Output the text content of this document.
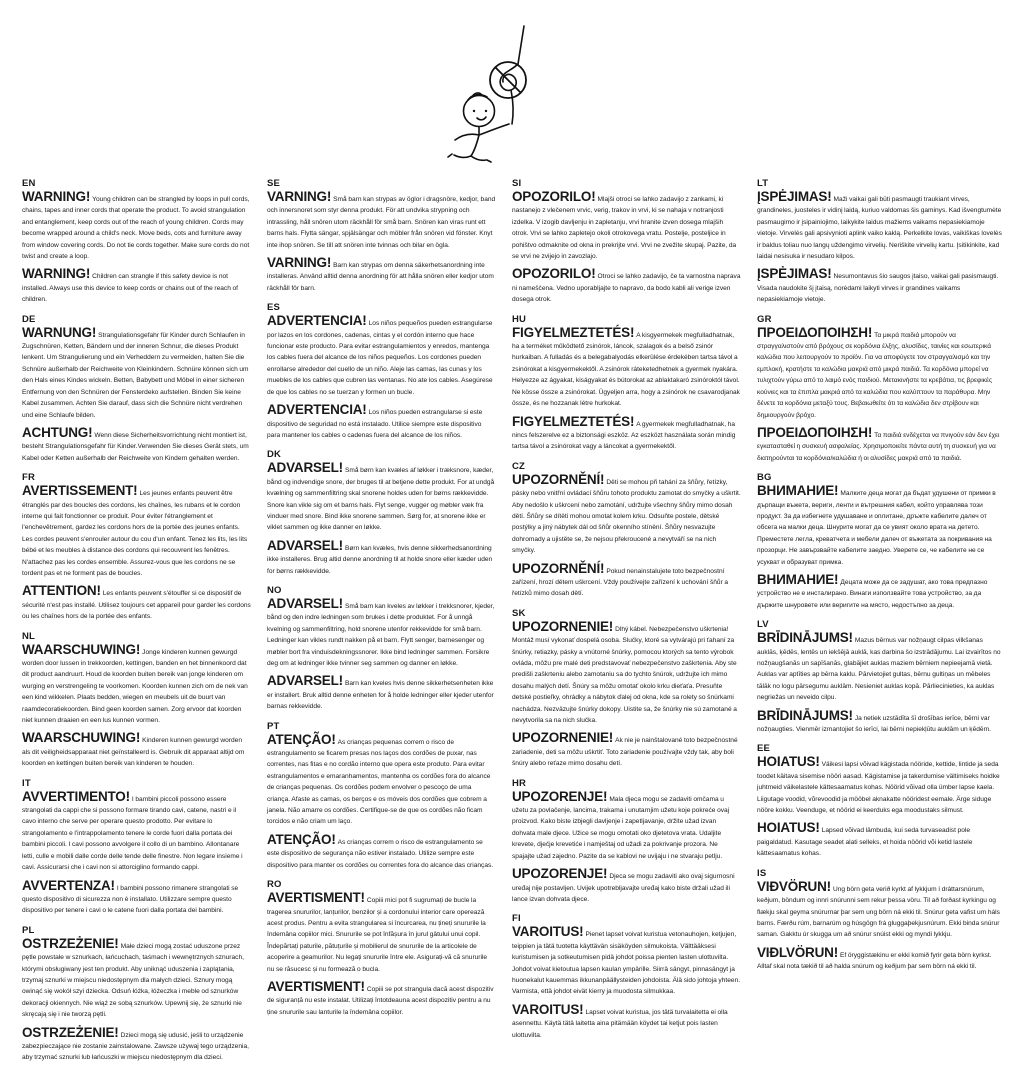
EN
WARNING! Young children can be strangled by loops in pull cords, chains, tapes and inner cords that operate the product. To avoid strangulation and entanglement, keep cords out of the reach of young children. Cords may become wrapped around a child's neck. Move beds, cots and furniture away from window covering cords. Do not tie cords together. Make sure cords do not twist and create a loop.
WARNING! Children can strangle if this safety device is not installed. Always use this device to keep cords or chains out of the reach of children.
DE
WARNUNG! Strangulationsgefahr für Kinder durch Schlaufen in Zugschnüren, Ketten, Bändern und der inneren Schnur, die dieses Produkt lenkent. Um Strangulierung und ein Verheddern zu vermeiden, halten Sie die Schnüre außerhalb der Reichweite von Kleinkindern. Schnüre können sich um den Hals eines Kindes wickeln. Betten, Babybett und Möbel in einer sicheren Entfernung von den Schnüren der Fensterdeko aufstellen. Binden Sie keine Kabel zusammen. Achten Sie darauf, dass sich die Schnüre nicht verdrehen und eine Schlaufe bilden.
ACHTUNG! Wenn diese Sicherheitsvorrichtung nicht montiert ist, besteht Strangulationsgefahr für Kinder.Verwenden Sie dieses Gerät stets, um Kabel oder Ketten außerhalb der Reichweite von Kindern gehalten werden.
FR
AVERTISSEMENT! Les jeunes enfants peuvent être étranglés par des boucles des cordons, les chaînes, les rubans et le cordon interne qui fait fonctionner ce produit. Pour éviter l'étranglement et l'enchevêtrement, gardez les cordons hors de la portée des jeunes enfants. Les cordes peuvent s'enrouler autour du cou d'un enfant. Tenez les lits, les lits bébé et les meubles à distance des cordons qui recouvrent les fenêtres. N'attachez pas les cordes ensemble. Assurez-vous que les cordons ne se tordent pas et ne forment pas de boucles.
ATTENTION! Les enfants peuvent s'étouffer si ce dispositif de sécurité n'est pas installé. Utilisez toujours cet appareil pour garder les cordons ou les chaînes hors de la portée des enfants.
NL
WAARSCHUWING! Jonge kinderen kunnen gewurgd worden door lussen in trekkoorden, kettingen, banden en het binnenkoord dat dit product aandruurt. Houd de koorden buiten bereik van jonge kinderen om wurging en verstrengeling te voorkomen. Koorden kunnen zich om de nek van een kind wikkelen. Plaats bedden, wiegen en meubels uit de buurt van raamdecoratiekoorden. Bind geen koorden samen. Zorg ervoor dat koorden niet kunnen draaien en een lus kunnen vormen.
WAARSCHUWING! Kinderen kunnen gewurgd worden als dit veiligheidsapparaat niet geïnstalleerd is. Gebruik dit apparaat altijd om koorden en kettingen buiten bereik van kinderen te houden.
IT
AVVERTIMENTO! I bambini piccoli possono essere strangolati da cappi che si possono formare tirando cavi, catene, nastri e il cavo interno che serve per operare questo prodotto. Per evitare lo strangolamento e l'intrappolamento tenere le corde fuori dalla portata dei bambini piccoli. I cavi possono avvolgere il collo di un bambino. Allontanare letti, culle e mobili dalle corde delle tende delle finestre. Non legare insieme i cavi. Assicurarsi che i cavi non si attorciglino formando cappi.
AVVERTENZA! I bambini possono rimanere strangolati se questo dispositivo di sicurezza non è installato. Utilizzare sempre questo dispositivo per tenere i cavi o le catene fuori dalla portata dei bambini.
PL
OSTRZEŻENIE! Małe dzieci mogą zostać uduszone przez pętle powstałe w sznurkach, łańcuchach, taśmach i wewnętrznych sznurach, którymi obsługiwany jest ten produkt. Aby uniknąć uduszenia i zaplątania, trzymaj sznurki w miejscu niedostępnym dla małych dzieci. Sznury mogą owinąć się wokół szyi dziecka. Odsuń łóżka, łóżeczka i meble od sznurków dekoracji okiennych. Nie wiąż ze sobą sznurków. Upewnij się, że sznurki nie skręcają się i nie tworzą pętli.
OSTRZEŻENIE! Dzieci mogą się udusić, jeśli to urządzenie zabezpieczające nie zostanie zainstalowane. Zawsze używaj tego urządzenia, aby trzymać sznurki lub łańcuszki w miejscu niedostępnym dla dzieci.
SE
VARNING! Små barn kan strypas av öglor i dragsnöre, kedjor, band och innersnoret som styr denna produkt. För att undvika strypning och intrassling, håll snören utom räckhåll för små barn. Snören kan viras runt ett barns hals. Flytta sängar, spjälsängar och möbler från snören vid fönster. Knyt inte ihop snören. Se till att snören inte tvinnas och bilar en ögla.
VARNING! Barn kan strypas om denna säkerhetsanordning inte installeras. Använd alltid denna anordning för att hålla snören eller kedjor utom räckhåll för barn.
ES
ADVERTENCIA! Los niños pequeños pueden estrangularse por lazos en los cordones, cadenas, cintas y el cordón interno que hace funcionar este producto. Para evitar estrangulamientos y enredos, mantenga los cables fuera del alcance de los niños pequeños. Los cordones pueden enrollarse alrededor del cuello de un niño. Aleje las camas, las cunas y los muebles de los cables que cubren las ventanas. No ate los cables. Asegúrese de que los cables no se tuerzan y formen un bucle.
ADVERTENCIA! Los niños pueden estrangularse si este dispositivo de seguridad no está instalado. Utilice siempre este dispositivo para mantener los cables o cadenas fuera del alcance de los niños.
DK
ADVARSEL! Små børn kan kvæles af løkker i træksnore, kæder, bånd og indvendige snore, der bruges til at betjene dette produkt. For at undgå kvælning og sammenfiltring skal snorene holdes uden for børns rækkevidde. Snore kan vikle sig om et barns hals. Flyt senge, vugger og møbler væk fra vinduer med snore. Bind ikke snorene sammen. Sørg for, at snorene ikke er viklet sammen og ikke danner en løkke.
ADVARSEL! Børn kan kvæles, hvis denne sikkerhedsanordning ikke installeres. Brug altid denne anordning til at holde snore eller kæder uden for børns rækkevidde.
NO
ADVARSEL! Små barn kan kveles av løkker i trekksnorer, kjeder, bånd og den indre ledningen som brukes i dette produktet. For å unngå kvelning og sammenfiltring, hold snorene utenfor rekkevidde for små barn. Ledninger kan vikles rundt nakken på et barn. Flytt senger, barnesenger og møbler bort fra vinduisdekningssnorer. Ikke bind ledninger sammen. Forsikre deg om at ledninger ikke tvinner seg sammen og danner en løkke.
ADVARSEL! Barn kan kveles hvis denne sikkerhetsenheten ikke er installert. Bruk alltid denne enheten for å holde ledninger eller kjeder utenfor barnas rekkevidde.
PT
ATENÇÃO! As crianças pequenas correm o risco de estrangulamento se ficarem presas nos laços dos cordões de puxar, nas correntes, nas fitas e no cordão interno que opera este produto. Para evitar estrangulamentos e emaranhamentos, mantenha os cordões fora do alcance de crianças pequenas. Os cordões podem envolver o pescoço de uma criança. Afaste as camas, os berços e os móveis dos cordões que cobrem a janela. Não amarre os cordões. Certifique-se de que os cordões não ficam torcidos e não criam um laço.
ATENÇÃO! As crianças correm o risco de estrangulamento se este dispositivo de segurança não estiver instalado. Utilize sempre este dispositivo para manter os cordões ou correntes fora do alcance das crianças.
RO
AVERTISMENT! Copiii mici pot fi sugrumați de bucle la tragerea snururilor, lanțurilor, benzilor și a cordonului interior care operează acest produs. Pentru a evita strangularea si încurcarea, nu țineți snururile la îndemâna copiilor mici. Snururile se pot înfășura în jurul gâtului unui copil. Îndepărtați paturile, pătuțurile și mobilierul de snururile de la articolele de acoperire a geamurilor. Nu legați snururile între ele. Asigurați-vă că snururile nu se răsucesc și nu formează o bucla.
AVERTISMENT! Copiii se pot strangula dacă acest dispozitiv de siguranță nu este instalat. Utilizați întotdeauna acest dispozitiv pentru a nu ține snururile sau lanturile la îndemâna copiilor.
SI
OPOZORILO! Mlajši otroci se lahko zadavijo z zankami, ki nastanejo z vlečenem vrvic, verig, trakov in vrvi, ki se nahaja v notranjosti izdelka. V izogib davljenju in zapletanju, vrvi hranite izven dosega mlajših otrok. Vrvi se lahko zapletejo okoli otrokovega vratu. Postelje, posteljice in pohištvo odmaknite od okna in prekrijte vrvi. Vrvi ne zvežite skupaj. Pazite, da se vrvi ne zvijejo in zavozlajo.
OPOZORILO! Otroci se lahko zadavijo, če ta varnostna naprava ni nameščena. Vedno uporabljajte to napravo, da bodo kabli ali verige izven dosega otrok.
HU
FIGYELMEZTETÉS! A kisgyermekek megfulladhatnak, ha a terméket működtető zsinórok, láncok, szalagok és a belső zsinór hurkaiban. A fulladás és a belegabalyodás elkerülése érdekében tartsa távol a zsinórokat a kisgyermekektől. A zsinórok ráteketedhetnek a gyermek nyakára. Helyezze az ágyakat, kiságyakat és bútorokat az ablaktakaró zsinóroktól távol. Ne kösse össze a zsinórokat. Ügyeljen arra, hogy a zsinórok ne csavarodjanak össze, és ne hozzanak létre hurkokat.
FIGYELMEZTETÉS! A gyermekek megfulladhatnak, ha nincs felszerelve ez a biztonsági eszköz. Az eszközt használata során mindig tartsa távol a zsinórokat vagy a láncokat a gyermekektől.
CZ
UPOZORNĚNÍ! Děti se mohou při tahání za šňůry, řetízky, pásky nebo vnitřní ovládací šňůru tohoto produktu zamotat do smyčky a uškrtit. Aby nedošlo k uškrcení nebo zamotání, udržujte všechny šňůry mimo dosah dětí. Šňůry se dítěti mohou omotat kolem krku. Odsuňte postele, dětské postýlky a jiný nábytek dál od šňůr okenního stínění. Šňůry nesvazujte dohromady a ujistěte se, že nejsou překroucené a nevytváří se na nich smyčky.
UPOZORNĚNÍ! Pokud nenainstalujete toto bezpečnostní zařízení, hrozí dětem uškrcení. Vždy používejte zařízení k uchování šňůr a řetízků mimo dosah dětí.
SK
UPOZORNENIE! Dlhý kábel. Nebezpečenstvo uškrtenia! Montáž musí vykonať dospelá osoba. Slučky, ktoré sa vytvárajú pri ťahaní za šnúrky, retiazky, pásky a vnútorné šnúrky, pomocou ktorých sa tento výrobok ovláda, môžu pre malé deti predstavovať nebezpečenstvo zaškrtenia. Aby ste predišli zaškrteniu alebo zamotaniu sa do tychto šnúrok, udržujte ich mimo dosahu malých detí. Šnúry sa môžu omotať okolo krku dieťaťa. Presuňte detské postieľky, ohrádky a nábytok ďalej od okna, kde sa rolety so šnúrkami nachádza. Nezväzujte šnúrky dokopy. Uistite sa, že šnúrky nie sú zamotané a nevytvorila sa na nich slučka.
UPOZORNENIE! Ak nie je nainštalované toto bezpečnostné zariadenie, deti sa môžu uškrtiť. Toto zariadenie používajte vždy tak, aby boli šnúry alebo reťaze mimo dosahu detí.
HR
UPOZORENJE! Mala djeca mogu se zadaviti omčama u užetu za povlačenje, lancima, trakama i unutarnjim užetu koje pokreće ovaj proizvod. Kako biste izbjegli davljenje i zapetljavanje, držite užad izvan dohvata male djece. Užice se mogu omotati oko djetetova vrata. Udaljite krevete, dječje krevetiće i namještaj od užadi za pokrivanje prozora. Ne spajajte užad zajedno. Pazite da se kablovi ne uvijaju i ne stvaraju petlju.
UPOZORENJE! Djeca se mogu zadaviti ako ovaj sigurnosni uređaj nije postavljen. Uvijek upotrebljavajte uređaj kako biste držali užad ili lance izvan dohvata djece.
FI
VAROITUS! Pienet lapset voivat kuristua vetonauhojen, ketjujen, teippien ja tätä tuotetta käyttävän sisäköyden silmukoista. Välttääksesi kuristumisen ja sotkeutumisen pidä johdot poissa pienten lasten ulottuvilta. Johdot voivat kietoutua lapsen kaulan ympärille. Siirrä sängyt, pinnasängyt ja huonekalut kauemmas ikkunanpäällysteiden johdoista. Älä sido johtoja yhteen. Varmista, että johdot eivät kierry ja muodosta silmukkaa.
VAROITUS! Lapset voivat kuristua, jos tätä turvalaitetta ei olla asennettu. Käytä tätä laitetta aina pitämään köydet tai ketjut pois lasten ulottuvilta.
LT
ĮSPĖJIMAS! Maži vaikai gali būti pasmaugti traukiant virves, grandineles, juosteles ir vidinį laidą, kuriuo valdomas šis gaminys. Kad išvengtumėte pasmaugimo ir įsipainiojimo, laikykite laidus mažiems vaikams nepasiekiamoje vietoje. Virvelės gali apsivynioti aplink vaiko kaklą. Perkelkite lovas, vaikiškas lovelės ir baldus toliau nuo langų uždengimo virvelių. Neriškite virvelių kartu. Įsitikinkite, kad laidai nesisuka ir nesudaro kilpos.
ĮSPĖJIMAS! Nesumontavus šio saugos įtaiso, vaikai gali pasismaugti. Visada naudokite šį įtaisą, norėdami laikyti virves ir grandines vaikams nepasiekiamoje vietoje.
GR
ΠΡΟΕΙΔΟΠΟΙΗΣΗ! Τα μικρά παιδιά μπορούν να στραγγαλιστούν από βρόχους σε κορδόνια έλξης, αλυσίδες, ταινίες και εσωτερικά καλώδια που λειτουργούν το προϊόν. Για να αποφύγετε τον στραγγαλισμό και την εμπλοκή, κρατήστε τα καλώδια μακριά από μικρά παιδιά. Τα κορδόνια μπορεί να τυλιχτούν γύρω από το λαιμό ενός παιδιού. Μετακινήστε τα κρεβάτια, τις βρεφικές κούνιες και τα έπιπλα μακριά από τα καλώδια που καλύπτουν τα παράθυρα. Μην δένετε τα κορδόνια μεταξύ τους. Βεβαιωθείτε ότι τα καλώδια δεν στρίβουν και δημιουργούν βρόχο.
ΠΡΟΕΙΔΟΠΟΙΗΣΗ! Τα παιδιά ενδέχεται να πνιγούν εάν δεν έχει εγκατασταθεί η συσκευή ασφαλείας. Χρησιμοποιείτε πάντα αυτή τη συσκευή για να διατηρούνται τα κορδόνια/καλώδια ή οι αλυσίδες μακριά από τα παιδιά.
BG
ВНИМАНИЕ! Малките деца могат да бъдат удушени от примки в дърпащи въжета, вериги, ленти и вътрешния кабел, който управлява този продукт. За да избегнете удушаване и оплитане, дръжте кабелите далеч от обсега на малки деца. Шнурите могат да се увият около врата на детето. Преместете легла, креватчета и мебели далеч от въжетата за покривания на прозорци. Не завързвайте кабелите заедно. Уверете се, че кабелите не се усукват и образуват примка.
ВНИМАНИЕ! Децата може да се задушат, ако това предпазно устройство не е инсталирано. Винаги използвайте това устройство, за да държите шнуровете или веригите на място, недостъпно за деца.
LV
BRĪDINĀJUMS! Mazus bērnus var nožņaugt cilpas vilkšanas auklās, ķēdēs, lentēs un iekšējā auklā, kas darbina šo izstrādājumu. Lai izvairītos no nožņaugšanās un sapīšanās, glabājiet auklas maziem bērniem nepieejamā vietā. Auklas var aptīties ap bērna kaklu. Pārvietojiet gultas, bērnu gultiņas un mēbeles tālāk no logu pārsegumu auklām. Nesieniet auklas kopā. Pārliecinieties, ka auklas negriežas un neveido cilpu.
BRĪDINĀJUMS! Ja netiek uzstādīta šī drošības ierīce, bērni var nožņaugties. Vienmēr izmantojiet šo ierīci, lai bērni nepiekļūtu auklām un ķēdēm.
EE
HOIATUS! Väikesi lapsi võivad kägistada nööride, kettide, lintide ja seda toodet käitava sisemise nööri aasad. Kägistamise ja takerdumise vältimiseks hoidke juhtmeid väikelastele kättesaamatus kohas. Nöörid võivad olla ümber lapse kaela. Liigutage voodid, võrevoodid ja mööbel aknakatte nööridest eemale. Ärge siduge nööre kokku. Veenduge, et nöörid ei keerduks ega moodustaks silmust.
HOIATUS! Lapsed võivad lämbuda, kui seda turvaseadist pole paigaldatud. Kasutage seadet alati selleks, et hoida nöörid või ketid lastele kättesaamatus kohas.
IS
VIÐVÖRUN! Ung börn geta verið kyrkt af lykkjum í dráttarsnúrum, keðjum, böndum og innri snúrunni sem rekur þessa vöru. Til að forðast kyrkingu og flækju skal geyma snúrurnar þar sem ung börn ná ekki til. Snúrur geta vafist um háls barns. Færðu rúm, barnarúm og húsgögn frá gluggaþekjusnúrum. Ekki binda snúrur saman. Gakktu úr skugga um að snúrur snúist ekki og myndi lykkju.
VIÐLVÖRUN! Ef öryggistækinu er ekki komið fyrir geta börn kyrkst. Alltaf skal nota tækið til að halda snúrum og keðjum þar sem börn ná ekki til.
